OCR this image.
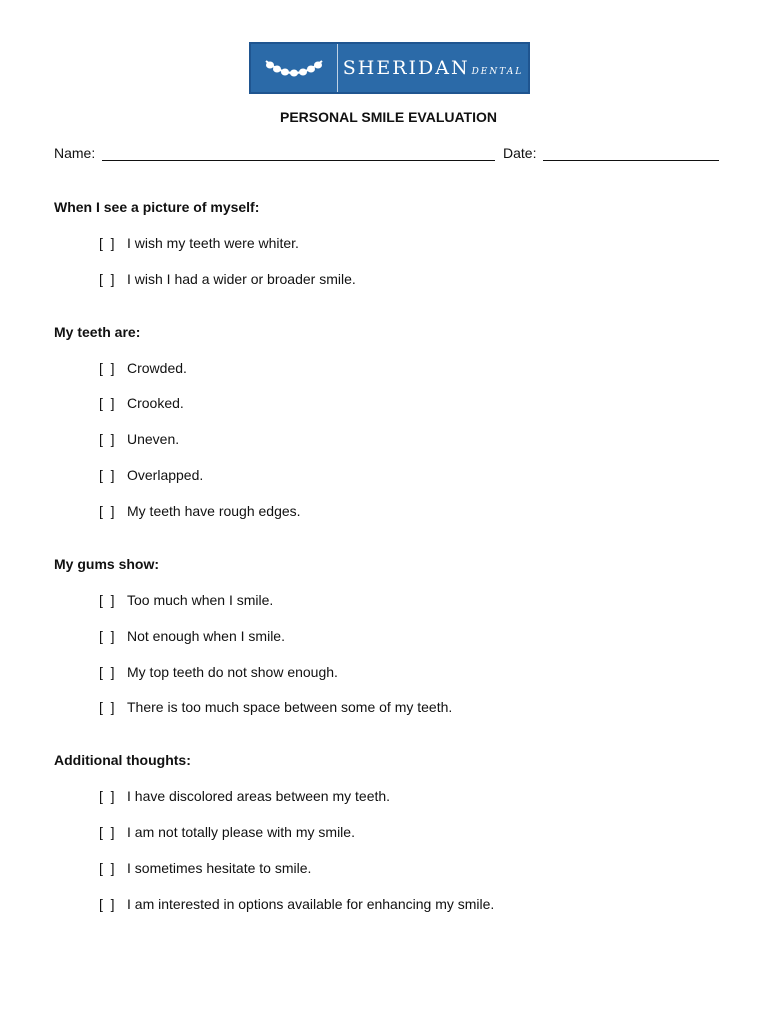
SHERIDAN DENTAL
PERSONAL SMILE EVALUATION
Name:	Date:
When I see a picture of myself:
[  ] I wish my teeth were whiter.
[  ] I wish I had a wider or broader smile.
My teeth are:
[  ] Crowded.
[  ] Crooked.
[  ] Uneven.
[  ] Overlapped.
[  ] My teeth have rough edges.
My gums show:
[  ] Too much when I smile.
[  ] Not enough when I smile.
[  ] My top teeth do not show enough.
[  ] There is too much space between some of my teeth.
Additional thoughts:
[  ] I have discolored areas between my teeth.
[  ] I am not totally please with my smile.
[  ] I sometimes hesitate to smile.
[  ] I am interested in options available for enhancing my smile.
